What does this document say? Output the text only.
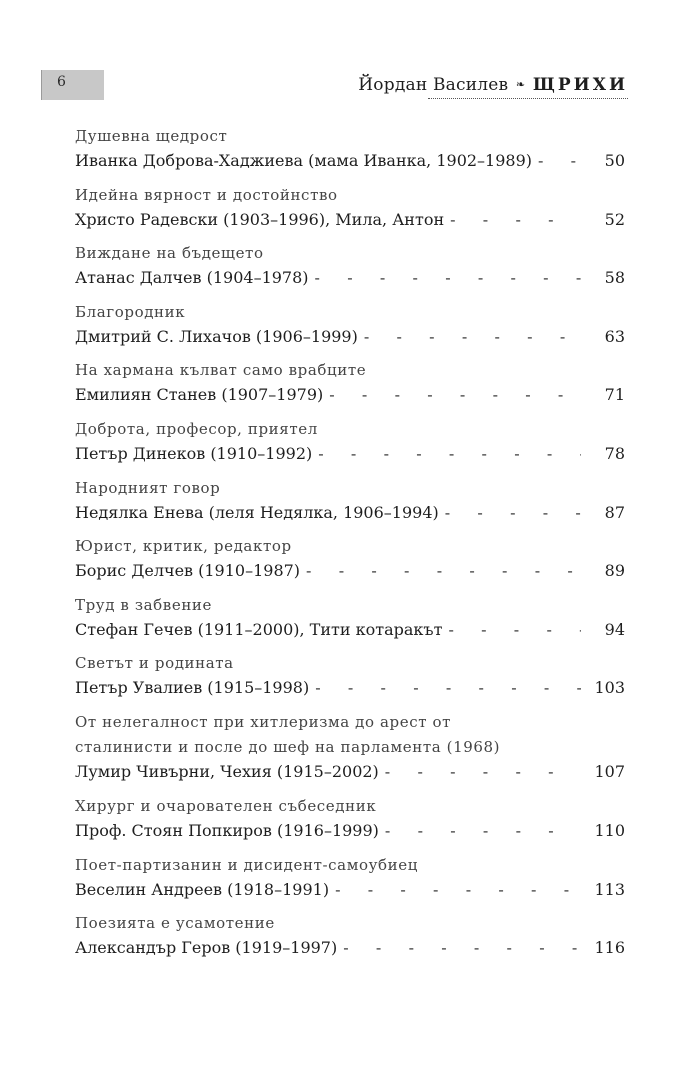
6	Йордан Василев ❧ ЩРИХИ
Душевна щедрост
Иванка Доброва-Хаджиева (мама Иванка, 1902–1989) - -	50
Идейна вярност и достойнство
Христо Радевски (1903–1996), Мила, Антон - -	52
Виждане на бъдещето
Атанас Далчев (1904–1978) - -	58
Благородник
Дмитрий С. Лихачов (1906–1999) - -	63
На хармана кълват само врабците
Емилиян Станев (1907–1979) - -	71
Доброта, професор, приятел
Петър Динеков (1910–1992) - -	78
Народният говор
Недялка Енева (леля Недялка, 1906–1994) - -	87
Юрист, критик, редактор
Борис Делчев (1910–1987) - -	89
Труд в забвение
Стефан Гечев (1911–2000), Тити котаракът - -	94
Светът и родината
Петър Увалиев (1915–1998) - -	103
От нелегалност при хитлеризма до арест от
сталинисти и после до шеф на парламента (1968)
Лумир Чивърни, Чехия (1915–2002) - -	107
Хирург и очарователен събеседник
Проф. Стоян Попкиров (1916–1999) - -	110
Поет-партизанин и дисидент-самоубиец
Веселин Андреев (1918–1991) - -	113
Поезията е усамотение
Александър Геров (1919–1997) - -	116
